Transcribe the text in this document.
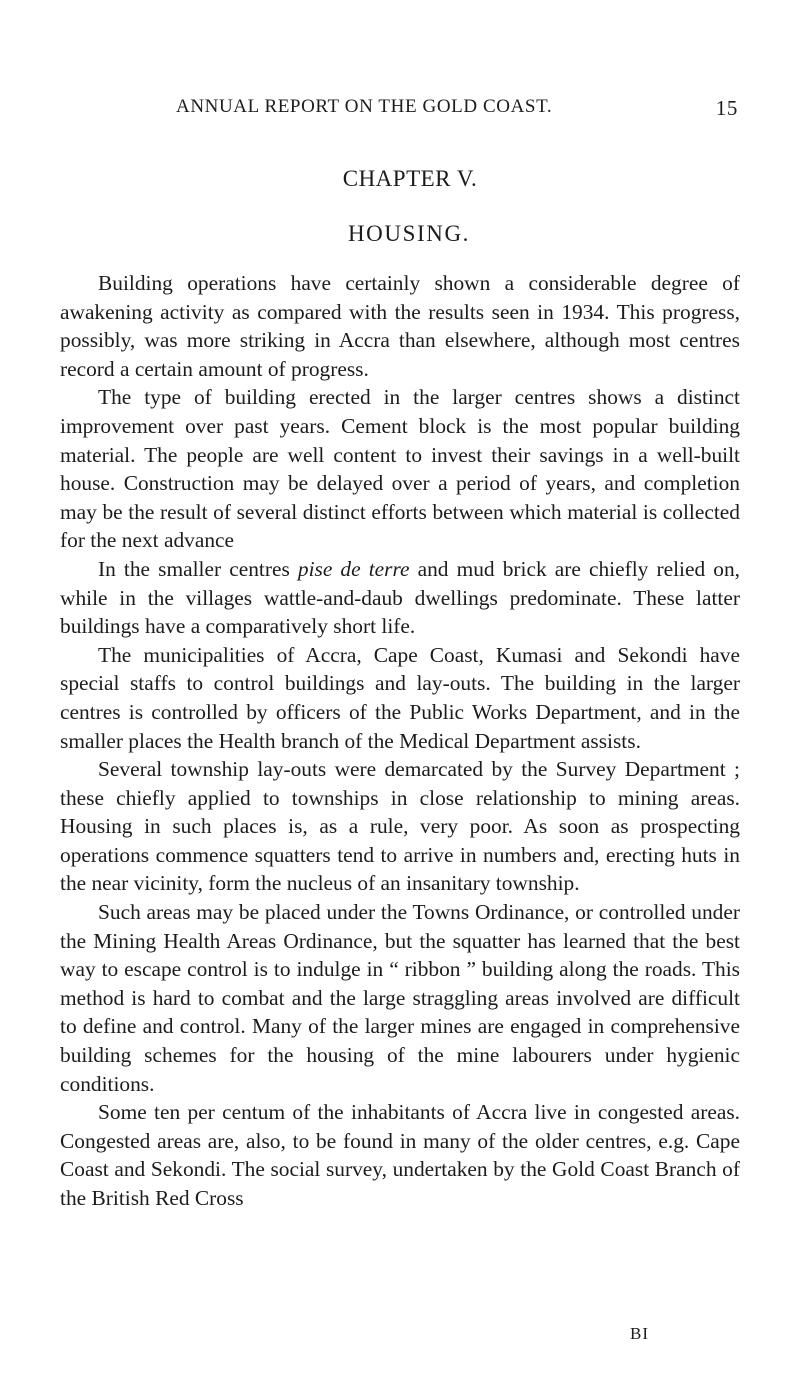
ANNUAL REPORT ON THE GOLD COAST.	15
CHAPTER V.
HOUSING.

Building operations have certainly shown a considerable degree of awakening activity as compared with the results seen in 1934. This progress, possibly, was more striking in Accra than elsewhere, although most centres record a certain amount of progress.

The type of building erected in the larger centres shows a distinct improvement over past years. Cement block is the most popular building material. The people are well content to invest their savings in a well-built house. Construction may be delayed over a period of years, and completion may be the result of several distinct efforts between which material is collected for the next advance

In the smaller centres pise de terre and mud brick are chiefly relied on, while in the villages wattle-and-daub dwellings predominate. These latter buildings have a comparatively short life.

The municipalities of Accra, Cape Coast, Kumasi and Sekondi have special staffs to control buildings and lay-outs. The building in the larger centres is controlled by officers of the Public Works Department, and in the smaller places the Health branch of the Medical Department assists.

Several township lay-outs were demarcated by the Survey Department ; these chiefly applied to townships in close relationship to mining areas. Housing in such places is, as a rule, very poor. As soon as prospecting operations commence squatters tend to arrive in numbers and, erecting huts in the near vicinity, form the nucleus of an insanitary township.

Such areas may be placed under the Towns Ordinance, or controlled under the Mining Health Areas Ordinance, but the squatter has learned that the best way to escape control is to indulge in “ ribbon ” building along the roads. This method is hard to combat and the large straggling areas involved are difficult to define and control. Many of the larger mines are engaged in comprehensive building schemes for the housing of the mine labourers under hygienic conditions.

Some ten per centum of the inhabitants of Accra live in congested areas. Congested areas are, also, to be found in many of the older centres, e.g. Cape Coast and Sekondi. The social survey, undertaken by the Gold Coast Branch of the British Red Cross

BI
